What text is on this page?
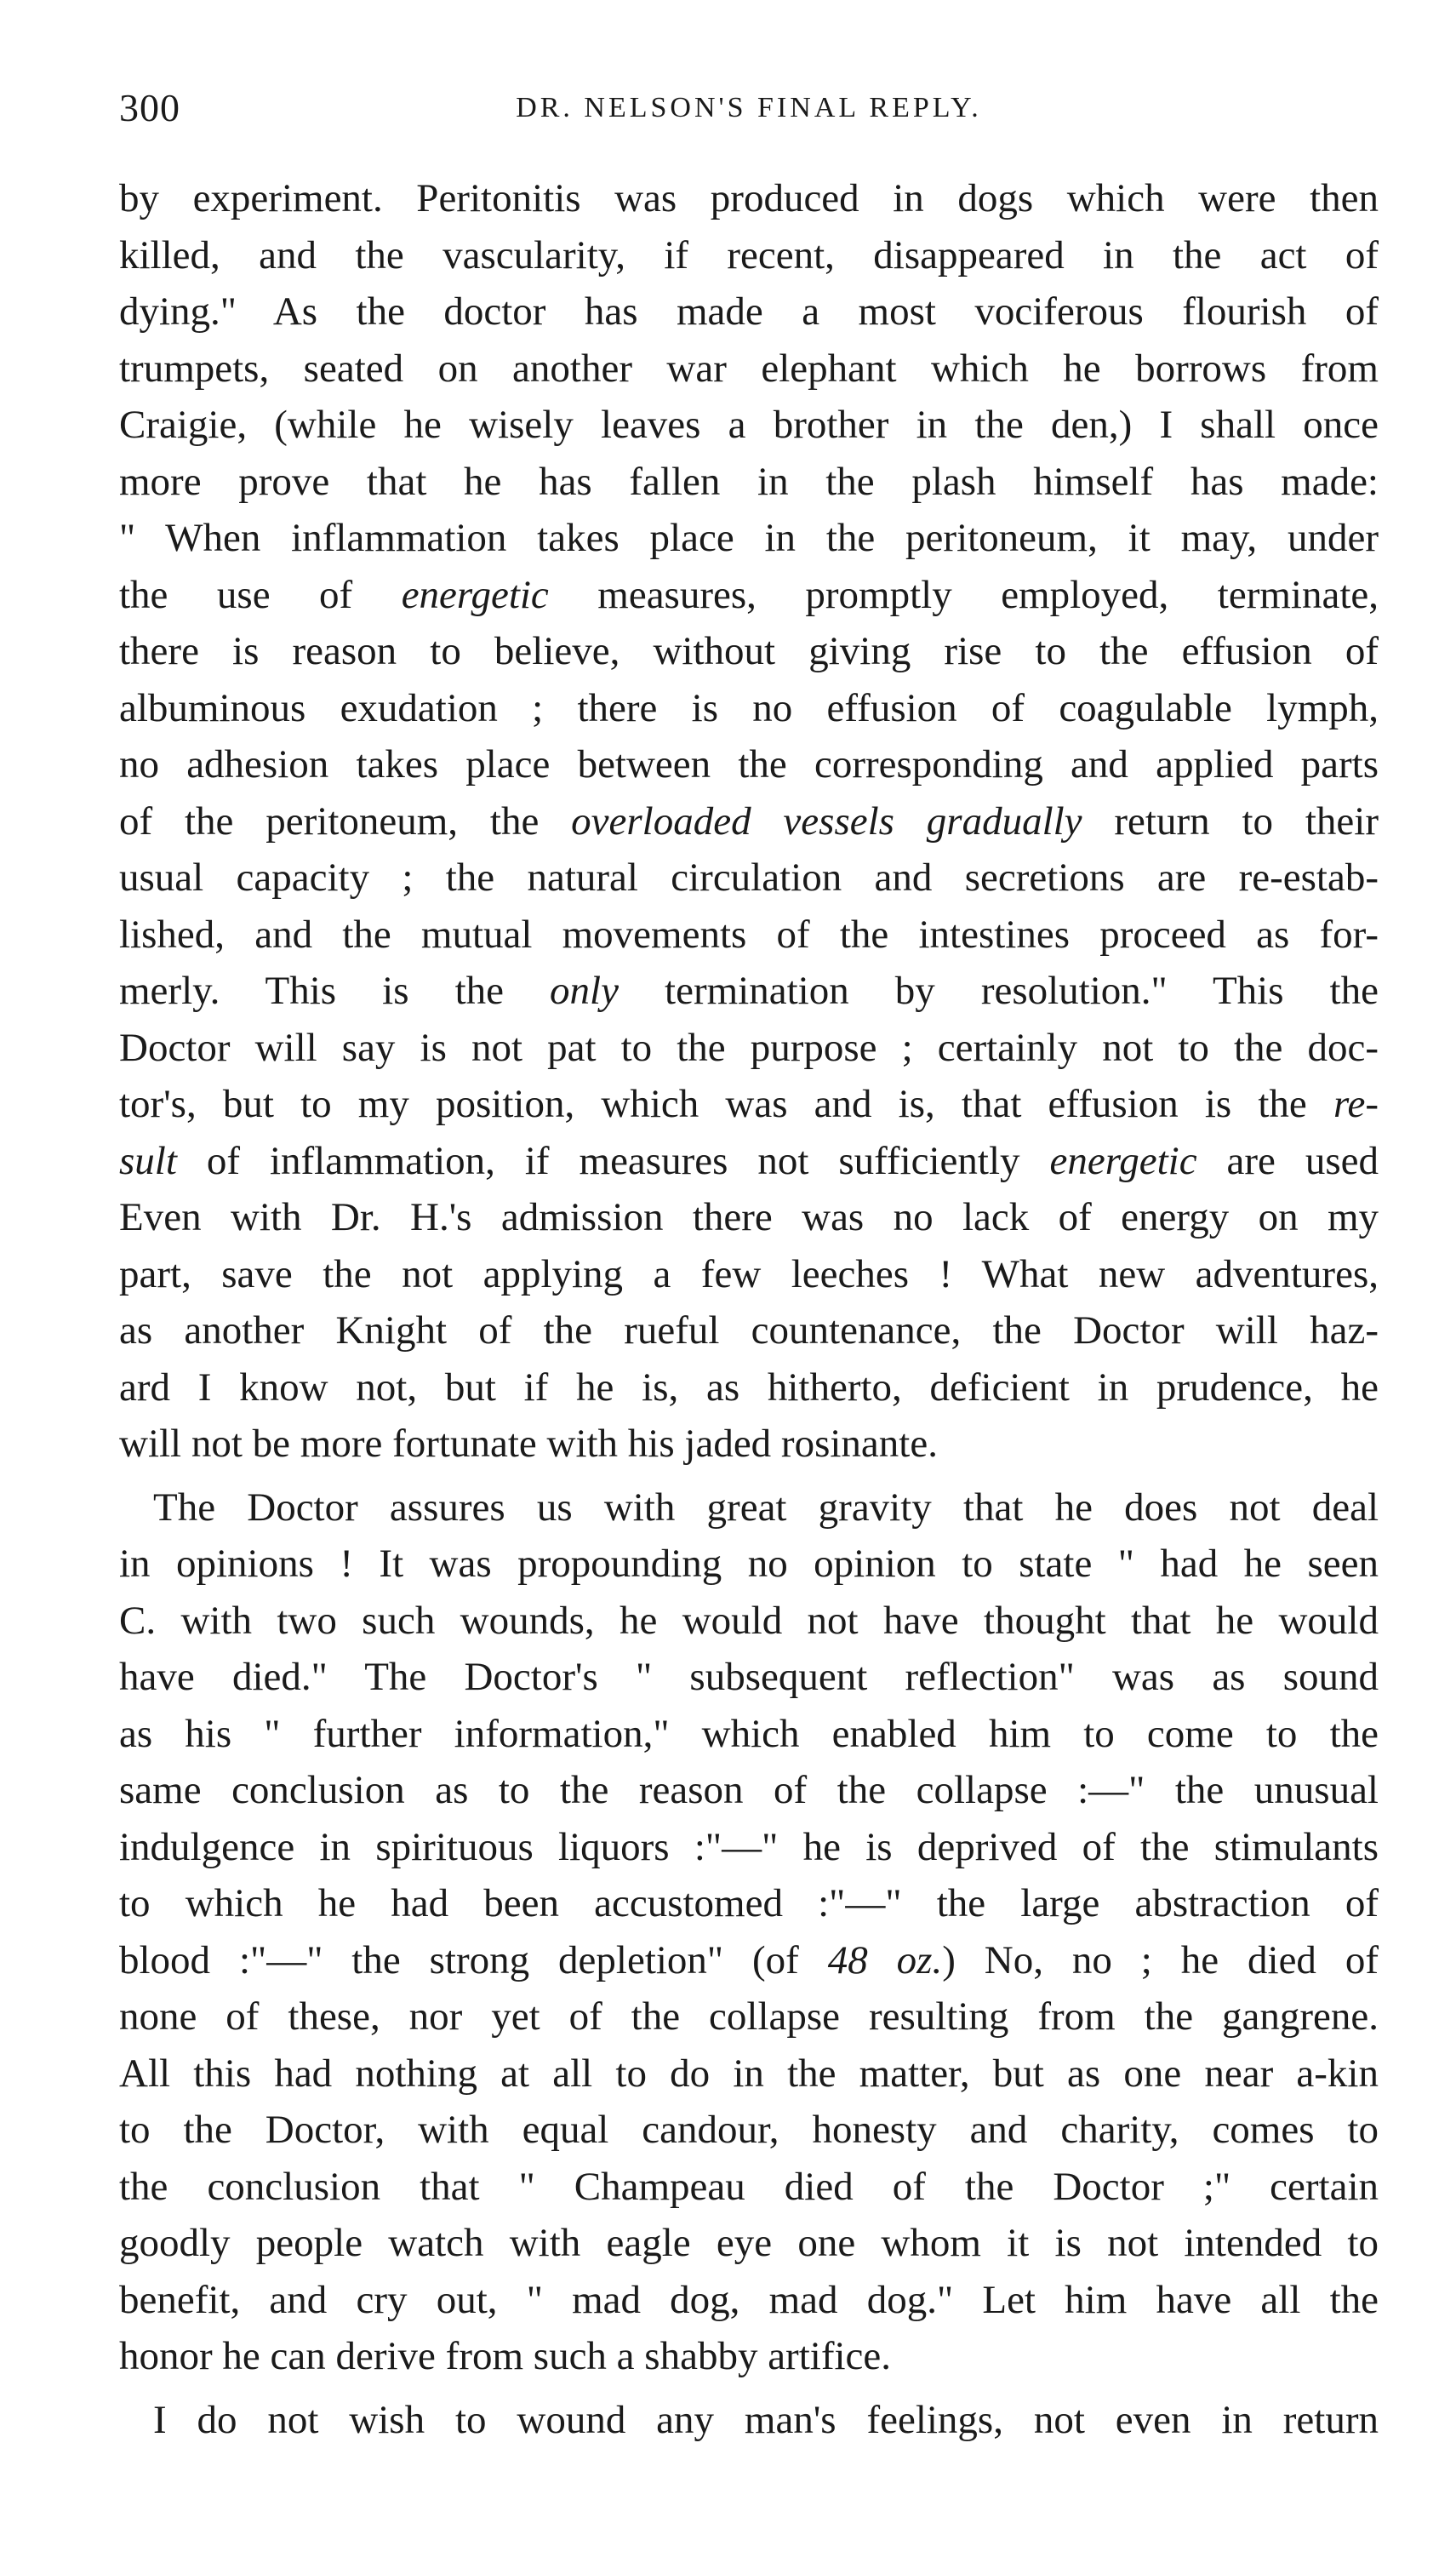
300	DR. NELSON'S FINAL REPLY.
by experiment. Peritonitis was produced in dogs which were then
killed, and the vascularity, if recent, disappeared in the act of
dying." As the doctor has made a most vociferous flourish of
trumpets, seated on another war elephant which he borrows from
Craigie, (while he wisely leaves a brother in the den,) I shall once
more prove that he has fallen in the plash himself has made:
" When inflammation takes place in the peritoneum, it may, under
the use of energetic measures, promptly employed, terminate,
there is reason to believe, without giving rise to the effusion of
albuminous exudation ; there is no effusion of coagulable lymph,
no adhesion takes place between the corresponding and applied parts
of the peritoneum, the overloaded vessels gradually return to their
usual capacity ; the natural circulation and secretions are re-estab-
lished, and the mutual movements of the intestines proceed as for-
merly. This is the only termination by resolution." This the
Doctor will say is not pat to the purpose ; certainly not to the doc-
tor's, but to my position, which was and is, that effusion is the re-
sult of inflammation, if measures not sufficiently energetic are used
Even with Dr. H.'s admission there was no lack of energy on my
part, save the not applying a few leeches ! What new adventures,
as another Knight of the rueful countenance, the Doctor will haz-
ard I know not, but if he is, as hitherto, deficient in prudence, he
will not be more fortunate with his jaded rosinante.
The Doctor assures us with great gravity that he does not deal
in opinions ! It was propounding no opinion to state " had he seen
C. with two such wounds, he would not have thought that he would
have died." The Doctor's " subsequent reflection" was as sound
as his " further information," which enabled him to come to the
same conclusion as to the reason of the collapse :—" the unusual
indulgence in spirituous liquors :"—" he is deprived of the stimulants
to which he had been accustomed :"—" the large abstraction of
blood :"—" the strong depletion" (of 48 oz.) No, no ; he died of
none of these, nor yet of the collapse resulting from the gangrene.
All this had nothing at all to do in the matter, but as one near a-kin
to the Doctor, with equal candour, honesty and charity, comes to
the conclusion that " Champeau died of the Doctor ;" certain
goodly people watch with eagle eye one whom it is not intended to
benefit, and cry out, " mad dog, mad dog." Let him have all the
honor he can derive from such a shabby artifice.
I do not wish to wound any man's feelings, not even in return
